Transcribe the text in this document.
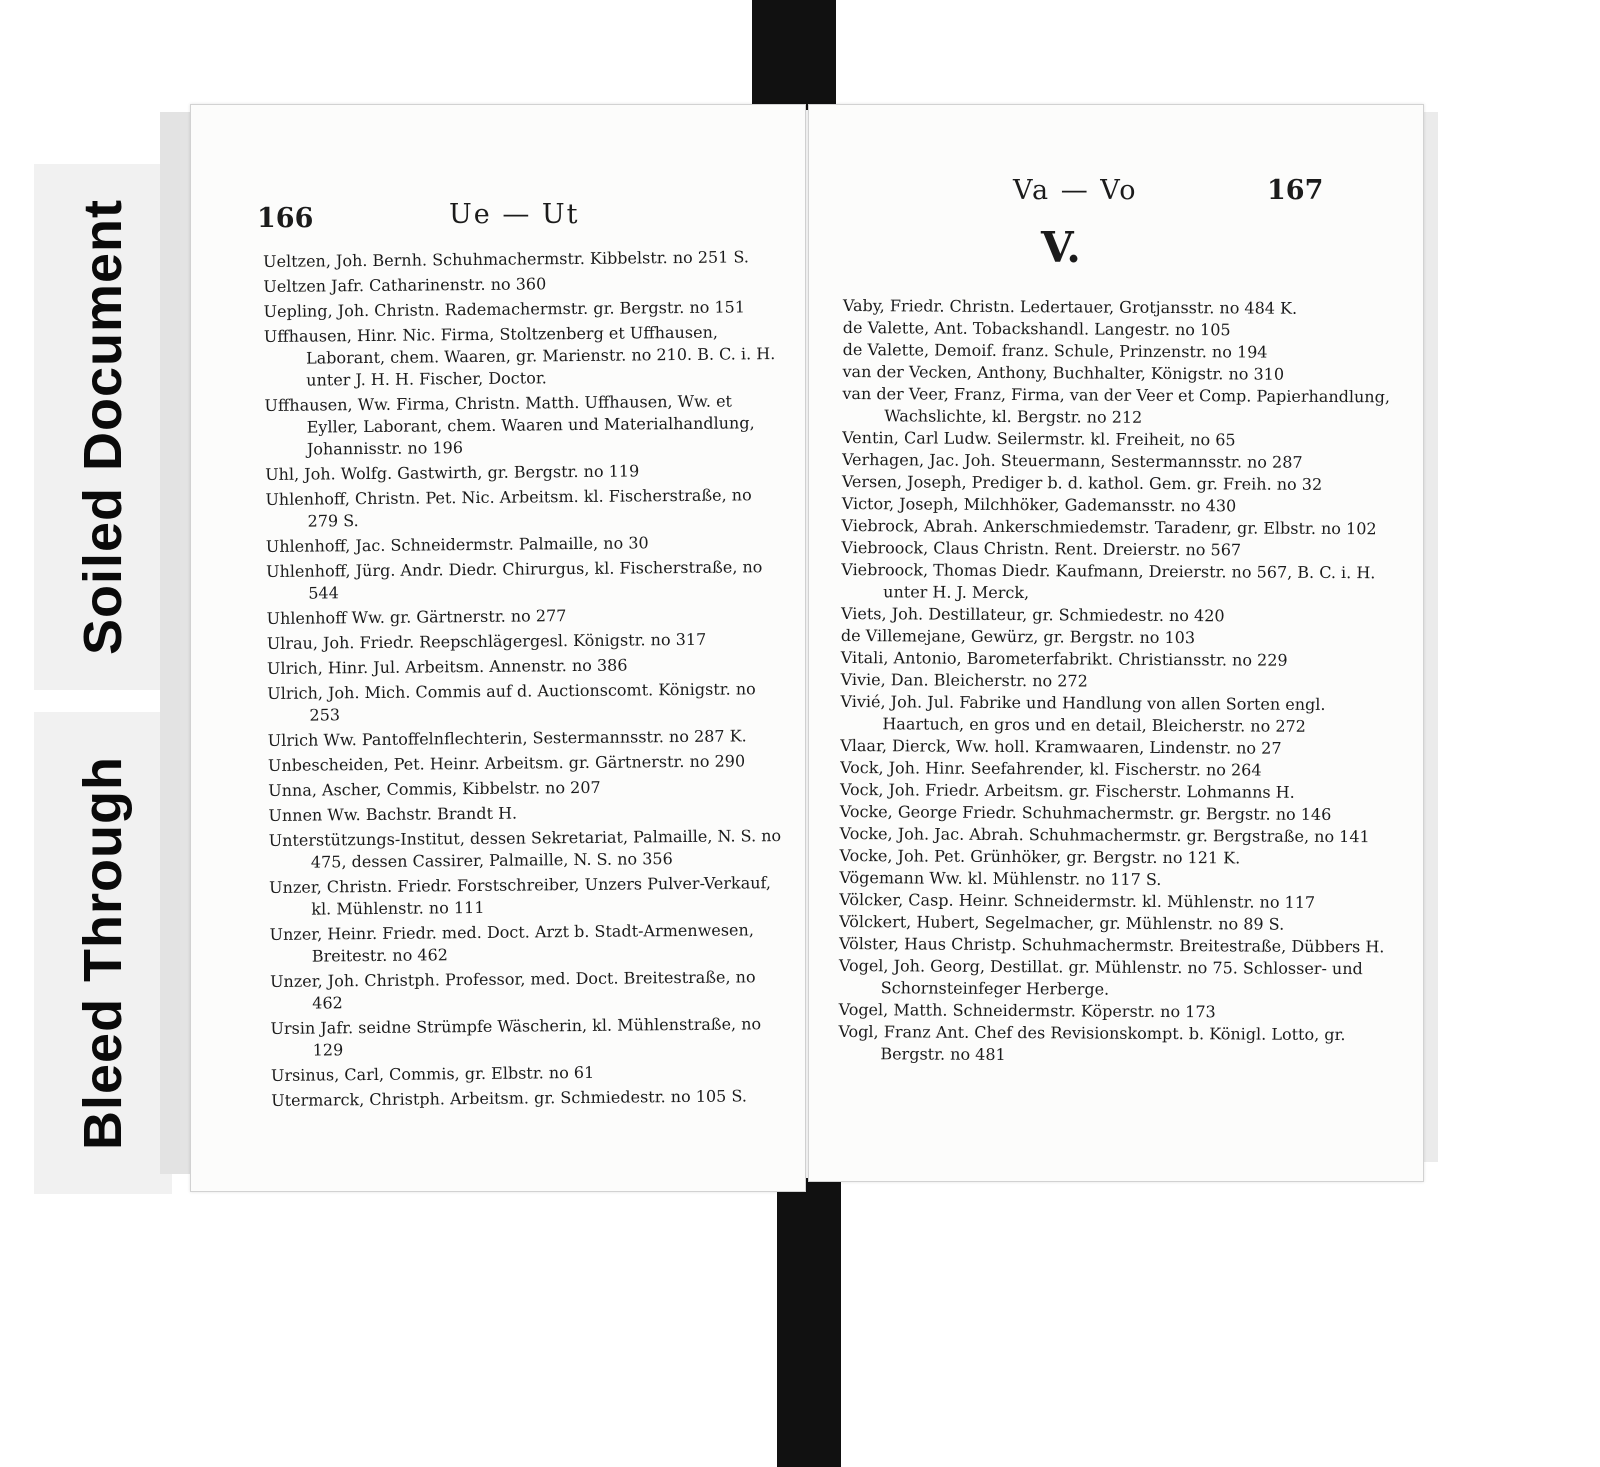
Soiled Document
Bleed Through
166	Ue — Ut
Ueltzen, Joh. Bernh. Schuhmachermstr. Kibbelstr. no 251 S.
Ueltzen Jafr. Catharinenstr. no 360
Uepling, Joh. Christn. Rademachermstr. gr. Bergstr. no 151
Uffhausen, Hinr. Nic. Firma, Stoltzenberg et Uffhausen, Laborant, chem. Waaren, gr. Marienstr. no 210. B. C. i. H. unter J. H. H. Fischer, Doctor.
Uffhausen, Ww. Firma, Christn. Matth. Uffhausen, Ww. et Eyller, Laborant, chem. Waaren und Materialhandlung, Johannisstr. no 196
Uhl, Joh. Wolfg. Gastwirth, gr. Bergstr. no 119
Uhlenhoff, Christn. Pet. Nic. Arbeitsm. kl. Fischerstraße, no 279 S.
Uhlenhoff, Jac. Schneidermstr. Palmaille, no 30
Uhlenhoff, Jürg. Andr. Diedr. Chirurgus, kl. Fischerstraße, no 544
Uhlenhoff Ww. gr. Gärtnerstr. no 277
Ulrau, Joh. Friedr. Reepschlägergesl. Königstr. no 317
Ulrich, Hinr. Jul. Arbeitsm. Annenstr. no 386
Ulrich, Joh. Mich. Commis auf d. Auctionscomt. Königstr. no 253
Ulrich Ww. Pantoffelnflechterin, Sestermannsstr. no 287 K.
Unbescheiden, Pet. Heinr. Arbeitsm. gr. Gärtnerstr. no 290
Unna, Ascher, Commis, Kibbelstr. no 207
Unnen Ww. Bachstr. Brandt H.
Unterstützungs-Institut, dessen Sekretariat, Palmaille, N. S. no 475, dessen Cassirer, Palmaille, N. S. no 356
Unzer, Christn. Friedr. Forstschreiber, Unzers Pulver-Verkauf, kl. Mühlenstr. no 111
Unzer, Heinr. Friedr. med. Doct. Arzt b. Stadt-Armenwesen, Breitestr. no 462
Unzer, Joh. Christph. Professor, med. Doct. Breitestraße, no 462
Ursin Jafr. seidne Strümpfe Wäscherin, kl. Mühlenstraße, no 129
Ursinus, Carl, Commis, gr. Elbstr. no 61
Utermarck, Christph. Arbeitsm. gr. Schmiedestr. no 105 S.
Va — Vo	167
V.
Vaby, Friedr. Christn. Ledertauer, Grotjansstr. no 484 K.
de Valette, Ant. Tobackshandl. Langestr. no 105
de Valette, Demoif. franz. Schule, Prinzenstr. no 194
van der Vecken, Anthony, Buchhalter, Königstr. no 310
van der Veer, Franz, Firma, van der Veer et Comp. Papierhandlung, Wachslichte, kl. Bergstr. no 212
Ventin, Carl Ludw. Seilermstr. kl. Freiheit, no 65
Verhagen, Jac. Joh. Steuermann, Sestermannsstr. no 287
Versen, Joseph, Prediger b. d. kathol. Gem. gr. Freih. no 32
Victor, Joseph, Milchhöker, Gademansstr. no 430
Viebrock, Abrah. Ankerschmiedemstr. Taradenr, gr. Elbstr. no 102
Viebroock, Claus Christn. Rent. Dreierstr. no 567
Viebroock, Thomas Diedr. Kaufmann, Dreierstr. no 567, B. C. i. H. unter H. J. Merck,
Viets, Joh. Destillateur, gr. Schmiedestr. no 420
de Villemejane, Gewürz, gr. Bergstr. no 103
Vitali, Antonio, Barometerfabrikt. Christiansstr. no 229
Vivie, Dan. Bleicherstr. no 272
Vivié, Joh. Jul. Fabrike und Handlung von allen Sorten engl. Haartuch, en gros und en detail, Bleicherstr. no 272
Vlaar, Dierck, Ww. holl. Kramwaaren, Lindenstr. no 27
Vock, Joh. Hinr. Seefahrender, kl. Fischerstr. no 264
Vock, Joh. Friedr. Arbeitsm. gr. Fischerstr. Lohmanns H.
Vocke, George Friedr. Schuhmachermstr. gr. Bergstr. no 146
Vocke, Joh. Jac. Abrah. Schuhmachermstr. gr. Bergstraße, no 141
Vocke, Joh. Pet. Grünhöker, gr. Bergstr. no 121 K.
Vögemann Ww. kl. Mühlenstr. no 117 S.
Völcker, Casp. Heinr. Schneidermstr. kl. Mühlenstr. no 117
Völckert, Hubert, Segelmacher, gr. Mühlenstr. no 89 S.
Völster, Haus Christp. Schuhmachermstr. Breitestraße, Dübbers H.
Vogel, Joh. Georg, Destillat. gr. Mühlenstr. no 75. Schlosser- und Schornsteinfeger Herberge.
Vogel, Matth. Schneidermstr. Köperstr. no 173
Vogl, Franz Ant. Chef des Revisionskompt. b. Königl. Lotto, gr. Bergstr. no 481
